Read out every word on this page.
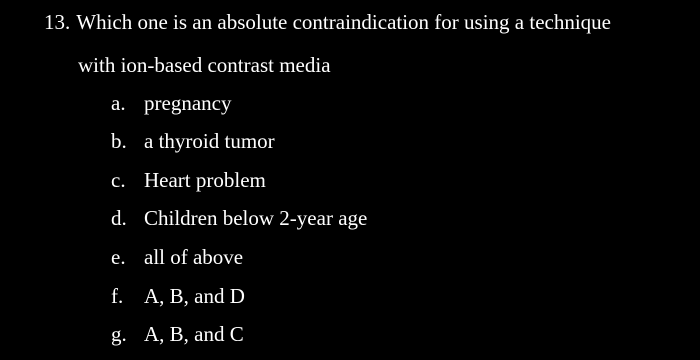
13. Which one is an absolute contraindication for using a technique
with ion-based contrast media
a. pregnancy
b. a thyroid tumor
c. Heart problem
d. Children below 2-year age
e. all of above
f. A, B, and D
g. A, B, and C
